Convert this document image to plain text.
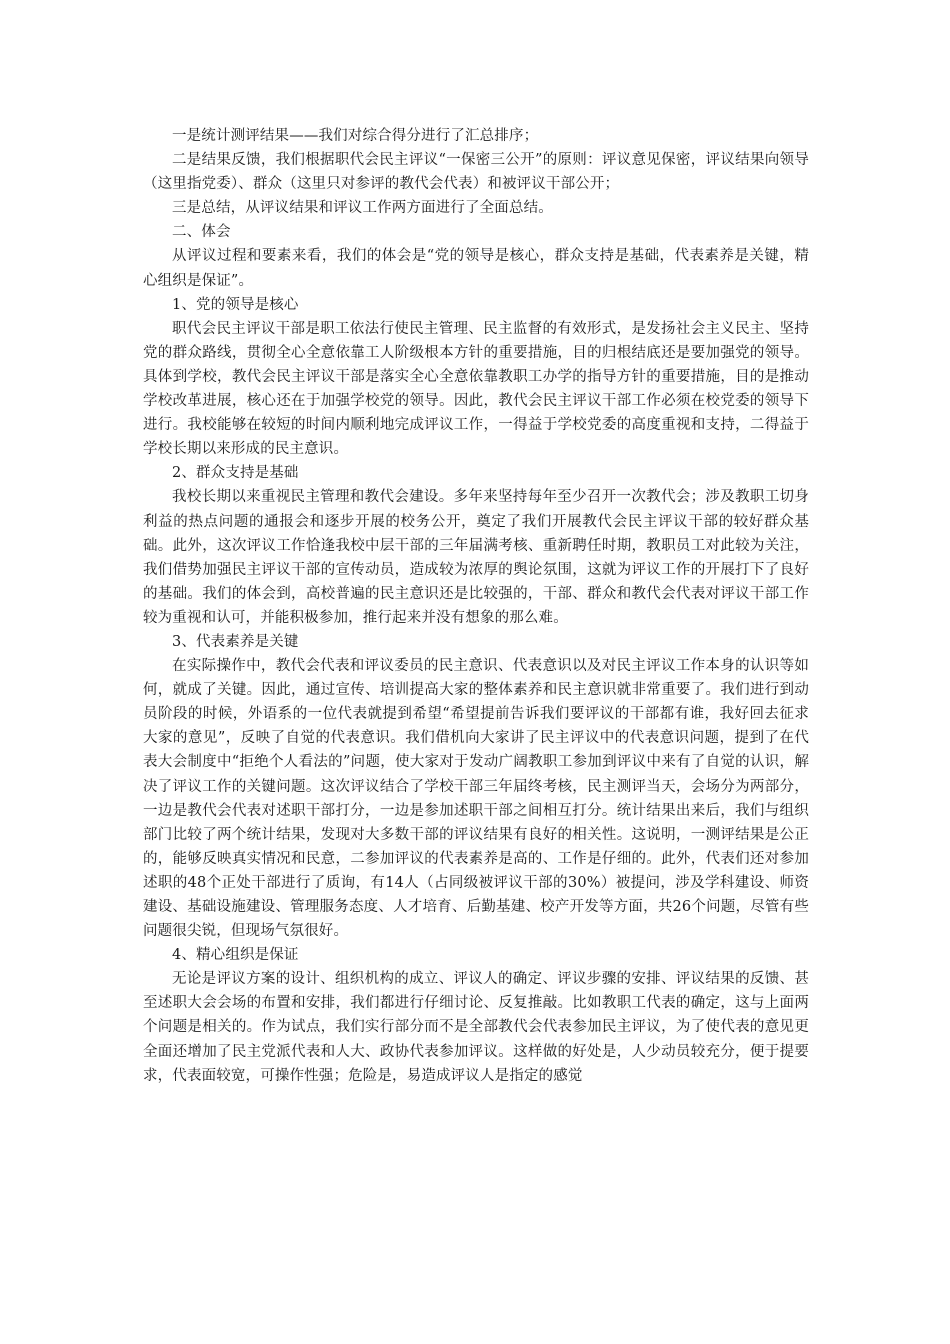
一是统计测评结果——我们对综合得分进行了汇总排序；

二是结果反馈，我们根据职代会民主评议“一保密三公开”的原则：评议意见保密，评议结果向领导（这里指党委）、群众（这里只对参评的教代会代表）和被评议干部公开；

三是总结，从评议结果和评议工作两方面进行了全面总结。

二、体会

从评议过程和要素来看，我们的体会是“党的领导是核心，群众支持是基础，代表素养是关键，精心组织是保证”。

1、党的领导是核心

职代会民主评议干部是职工依法行使民主管理、民主监督的有效形式，是发扬社会主义民主、坚持党的群众路线，贯彻全心全意依靠工人阶级根本方针的重要措施，目的归根结底还是要加强党的领导。具体到学校，教代会民主评议干部是落实全心全意依靠教职工办学的指导方针的重要措施，目的是推动学校改革进展，核心还在于加强学校党的领导。因此，教代会民主评议干部工作必须在校党委的领导下进行。我校能够在较短的时间内顺利地完成评议工作，一得益于学校党委的高度重视和支持，二得益于学校长期以来形成的民主意识。

2、群众支持是基础

我校长期以来重视民主管理和教代会建设。多年来坚持每年至少召开一次教代会；涉及教职工切身利益的热点问题的通报会和逐步开展的校务公开，奠定了我们开展教代会民主评议干部的较好群众基础。此外，这次评议工作恰逢我校中层干部的三年届满考核、重新聘任时期，教职员工对此较为关注，我们借势加强民主评议干部的宣传动员，造成较为浓厚的舆论氛围，这就为评议工作的开展打下了良好的基础。我们的体会到，高校普遍的民主意识还是比较强的，干部、群众和教代会代表对评议干部工作较为重视和认可，并能积极参加，推行起来并没有想象的那么难。

3、代表素养是关键

在实际操作中，教代会代表和评议委员的民主意识、代表意识以及对民主评议工作本身的认识等如何，就成了关键。因此，通过宣传、培训提高大家的整体素养和民主意识就非常重要了。我们进行到动员阶段的时候，外语系的一位代表就提到希望“希望提前告诉我们要评议的干部都有谁，我好回去征求大家的意见”，反映了自觉的代表意识。我们借机向大家讲了民主评议中的代表意识问题，提到了在代表大会制度中“拒绝个人看法的”问题，使大家对于发动广阔教职工参加到评议中来有了自觉的认识，解决了评议工作的关键问题。这次评议结合了学校干部三年届终考核，民主测评当天，会场分为两部分，一边是教代会代表对述职干部打分，一边是参加述职干部之间相互打分。统计结果出来后，我们与组织部门比较了两个统计结果，发现对大多数干部的评议结果有良好的相关性。这说明，一测评结果是公正的，能够反映真实情况和民意，二参加评议的代表素养是高的、工作是仔细的。此外，代表们还对参加述职的48个正处干部进行了质询，有14人（占同级被评议干部的30%）被提问，涉及学科建设、师资建设、基础设施建设、管理服务态度、人才培育、后勤基建、校产开发等方面，共26个问题，尽管有些问题很尖锐，但现场气氛很好。

4、精心组织是保证

无论是评议方案的设计、组织机构的成立、评议人的确定、评议步骤的安排、评议结果的反馈、甚至述职大会会场的布置和安排，我们都进行仔细讨论、反复推敲。比如教职工代表的确定，这与上面两个问题是相关的。作为试点，我们实行部分而不是全部教代会代表参加民主评议，为了使代表的意见更全面还增加了民主党派代表和人大、政协代表参加评议。这样做的好处是，人少动员较充分，便于提要求，代表面较宽，可操作性强；危险是，易造成评议人是指定的感觉
